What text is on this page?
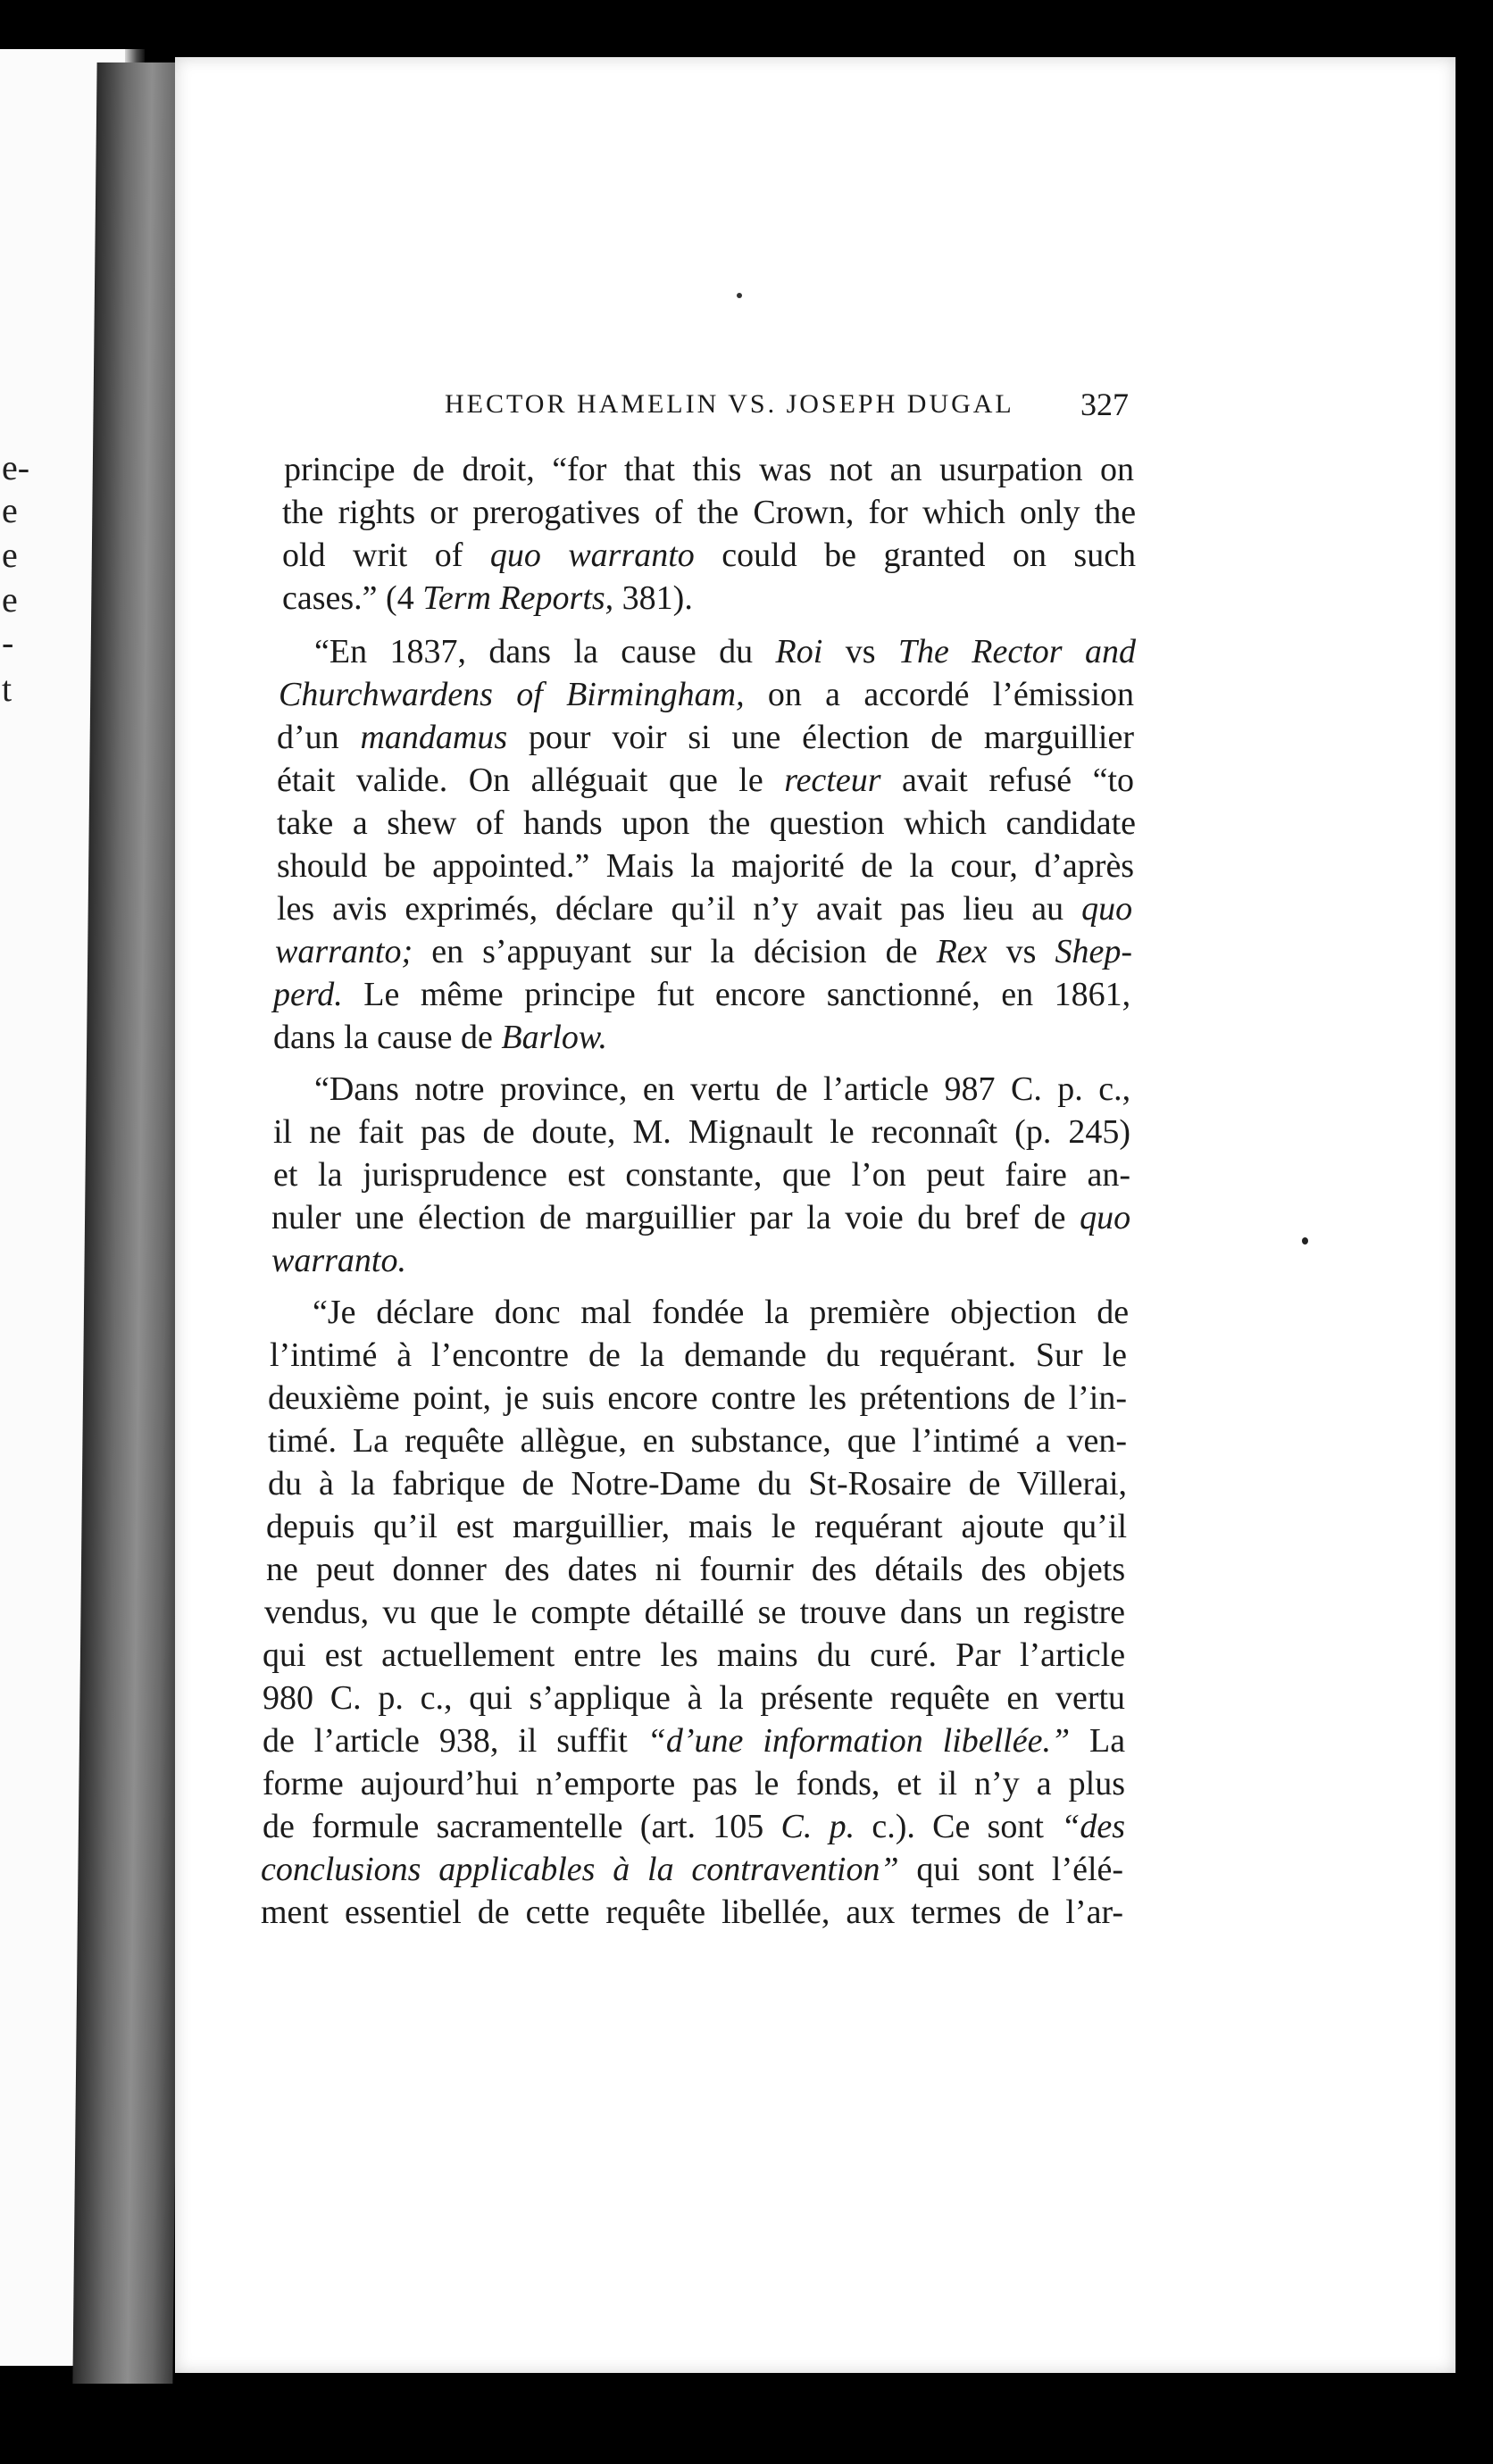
e-
e
e
e
-
t
HECTOR HAMELIN VS. JOSEPH DUGAL 327
principe de droit, “for that this was not an usurpation on
the rights or prerogatives of the Crown, for which only the
old writ of quo warranto could be granted on such
cases.” (4 Term Reports, 381).
“En 1837, dans la cause du Roi vs The Rector and
Churchwardens of Birmingham, on a accordé l’émission
d’un mandamus pour voir si une élection de marguillier
était valide. On alléguait que le recteur avait refusé “to
take a shew of hands upon the question which candidate
should be appointed.” Mais la majorité de la cour, d’après
les avis exprimés, déclare qu’il n’y avait pas lieu au quo
warranto; en s’appuyant sur la décision de Rex vs Shep-
perd. Le même principe fut encore sanctionné, en 1861,
dans la cause de Barlow.
“Dans notre province, en vertu de l’article 987 C. p. c.,
il ne fait pas de doute, M. Mignault le reconnaît (p. 245)
et la jurisprudence est constante, que l’on peut faire an-
nuler une élection de marguillier par la voie du bref de quo
warranto.
“Je déclare donc mal fondée la première objection de
l’intimé à l’encontre de la demande du requérant. Sur le
deuxième point, je suis encore contre les prétentions de l’in-
timé. La requête allègue, en substance, que l’intimé a ven-
du à la fabrique de Notre-Dame du St-Rosaire de Villerai,
depuis qu’il est marguillier, mais le requérant ajoute qu’il
ne peut donner des dates ni fournir des détails des objets
vendus, vu que le compte détaillé se trouve dans un registre
qui est actuellement entre les mains du curé. Par l’article
980 C. p. c., qui s’applique à la présente requête en vertu
de l’article 938, il suffit “d’une information libellée.” La
forme aujourd’hui n’emporte pas le fonds, et il n’y a plus
de formule sacramentelle (art. 105 C. p. c.). Ce sont “des
conclusions applicables à la contravention” qui sont l’élé-
ment essentiel de cette requête libellée, aux termes de l’ar-
